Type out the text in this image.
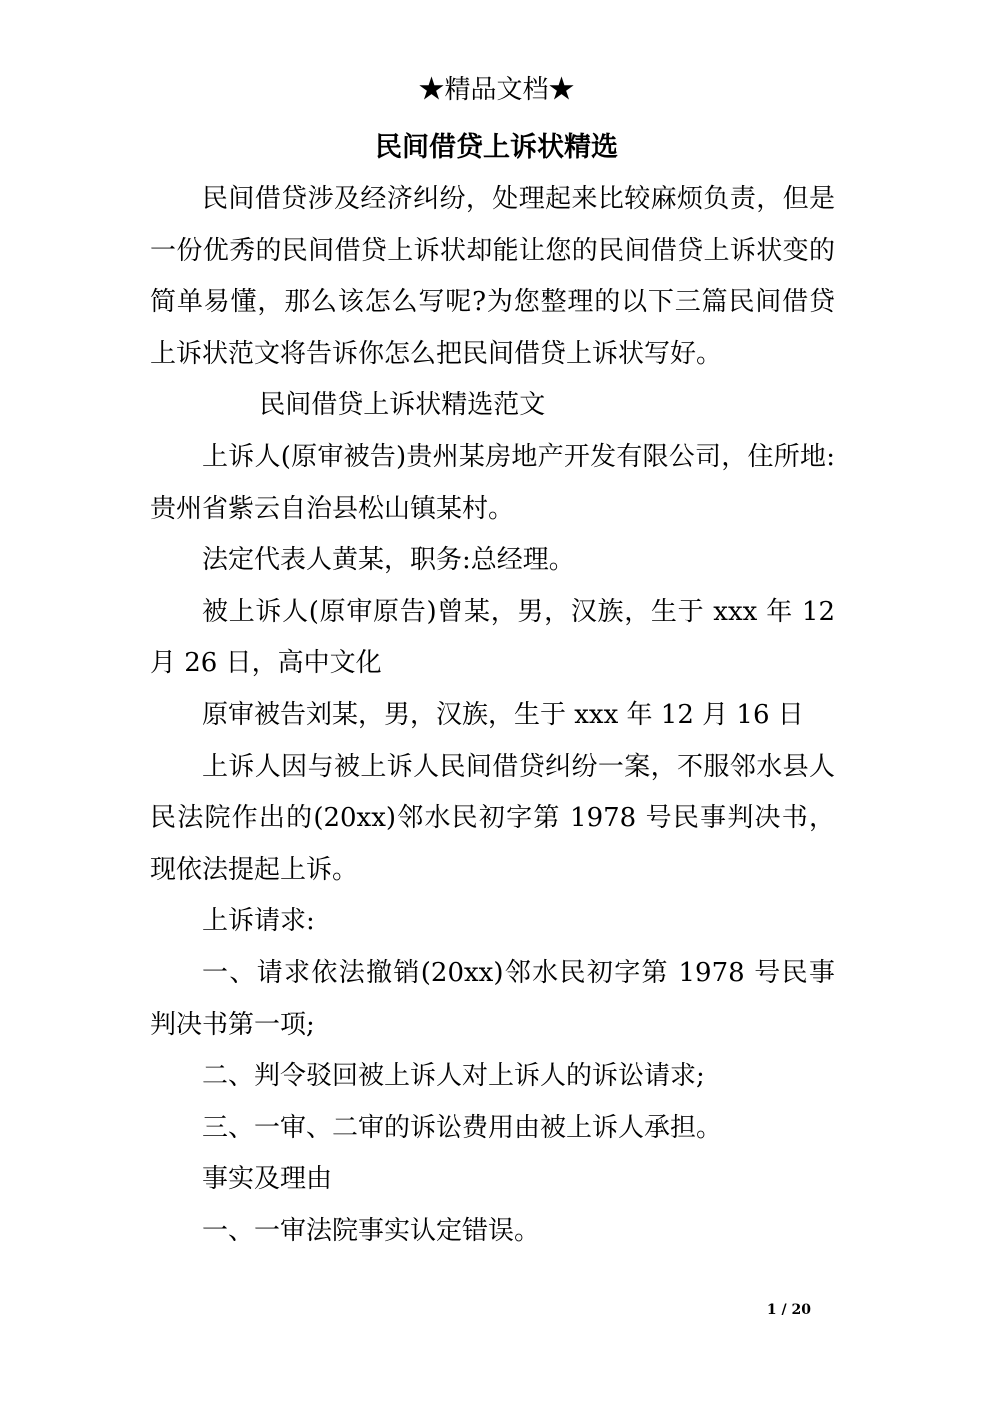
★精品文档★
民间借贷上诉状精选

民间借贷涉及经济纠纷，处理起来比较麻烦负责，但是一份优秀的民间借贷上诉状却能让您的民间借贷上诉状变的简单易懂，那么该怎么写呢?为您整理的以下三篇民间借贷上诉状范文将告诉你怎么把民间借贷上诉状写好。

民间借贷上诉状精选范文

上诉人(原审被告)贵州某房地产开发有限公司，住所地:贵州省紫云自治县松山镇某村。

法定代表人黄某，职务:总经理。

被上诉人(原审原告)曾某，男，汉族，生于 xxx 年 12 月 26 日，高中文化

原审被告刘某，男，汉族，生于 xxx 年 12 月 16 日

上诉人因与被上诉人民间借贷纠纷一案，不服邻水县人民法院作出的(20xx)邻水民初字第 1978 号民事判决书，现依法提起上诉。

上诉请求:

一、请求依法撤销(20xx)邻水民初字第 1978 号民事判决书第一项;

二、判令驳回被上诉人对上诉人的诉讼请求;

三、一审、二审的诉讼费用由被上诉人承担。

事实及理由

一、一审法院事实认定错误。

1 / 20
